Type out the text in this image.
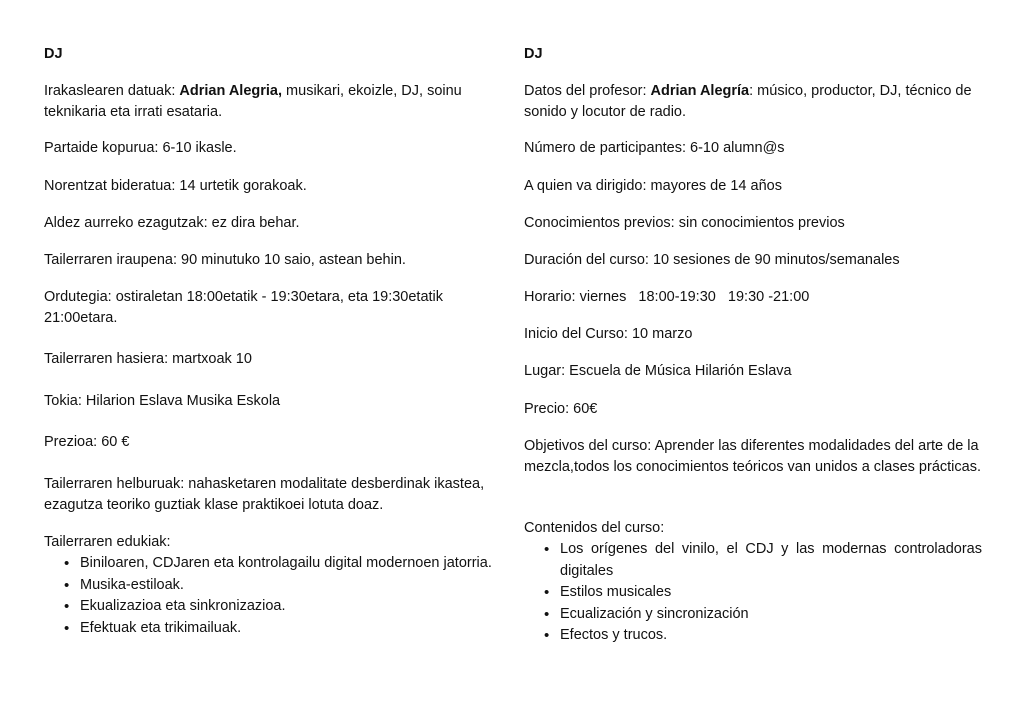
DJ

Irakaslearen datuak: Adrian Alegria, musikari, ekoizle, DJ, soinu teknikaria eta irrati esataria.

Partaide kopurua: 6-10 ikasle.

Norentzat bideratua: 14 urtetik gorakoak.

Aldez aurreko ezagutzak: ez dira behar.

Tailerraren iraupena: 90 minutuko 10 saio, astean behin.

Ordutegia: ostiraletan 18:00etatik - 19:30etara, eta 19:30etatik 21:00etara.

Tailerraren hasiera: martxoak 10

Tokia: Hilarion Eslava Musika Eskola

Prezioa: 60 €

Tailerraren helburuak: nahasketaren modalitate desberdinak ikastea, ezagutza teoriko guztiak klase praktikoei lotuta doaz.

Tailerraren edukiak:
• Biniloaren, CDJaren eta kontrolagailu digital modernoen jatorria.
• Musika-estiloak.
• Ekualizazioa eta sinkronizazioa.
• Efektuak eta trikimailuak.

DJ

Datos del profesor: Adrian Alegría: músico, productor, DJ, técnico de sonido y locutor de radio.

Número de participantes: 6-10 alumn@s

A quien va dirigido: mayores de 14 años

Conocimientos previos: sin conocimientos previos

Duración del curso: 10 sesiones de 90 minutos/semanales

Horario: viernes   18:00-19:30   19:30 -21:00

Inicio del Curso: 10 marzo

Lugar: Escuela de Música Hilarión Eslava

Precio: 60€

Objetivos del curso: Aprender las diferentes modalidades del arte de la mezcla,todos los conocimientos teóricos van unidos a clases prácticas.

Contenidos del curso:
• Los orígenes del vinilo, el CDJ y las modernas controladoras digitales
• Estilos musicales
• Ecualización y sincronización
• Efectos y trucos.
